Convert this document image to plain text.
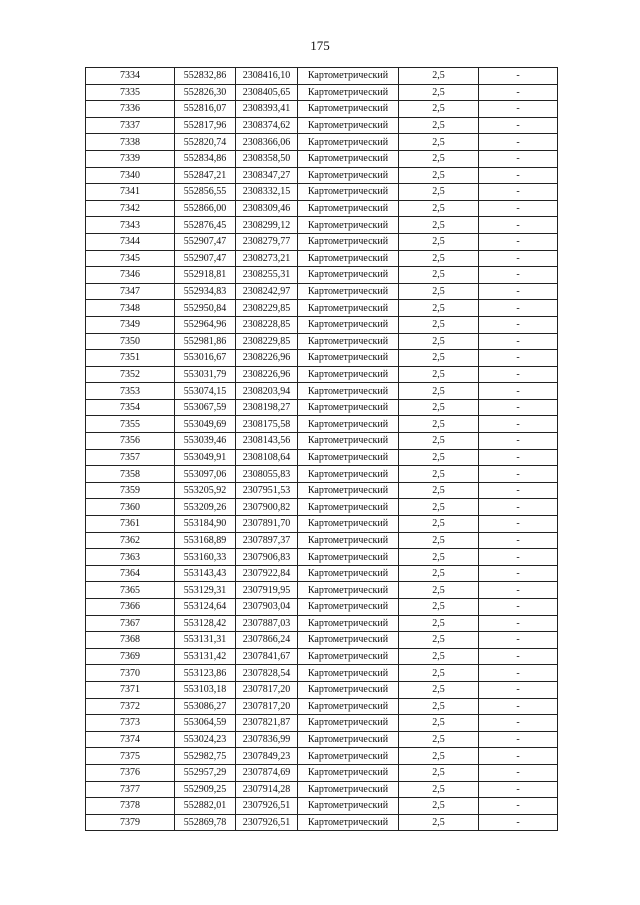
175
7334	552832,86	2308416,10	Картометрический	2,5	-
7335	552826,30	2308405,65	Картометрический	2,5	-
7336	552816,07	2308393,41	Картометрический	2,5	-
7337	552817,96	2308374,62	Картометрический	2,5	-
7338	552820,74	2308366,06	Картометрический	2,5	-
7339	552834,86	2308358,50	Картометрический	2,5	-
7340	552847,21	2308347,27	Картометрический	2,5	-
7341	552856,55	2308332,15	Картометрический	2,5	-
7342	552866,00	2308309,46	Картометрический	2,5	-
7343	552876,45	2308299,12	Картометрический	2,5	-
7344	552907,47	2308279,77	Картометрический	2,5	-
7345	552907,47	2308273,21	Картометрический	2,5	-
7346	552918,81	2308255,31	Картометрический	2,5	-
7347	552934,83	2308242,97	Картометрический	2,5	-
7348	552950,84	2308229,85	Картометрический	2,5	-
7349	552964,96	2308228,85	Картометрический	2,5	-
7350	552981,86	2308229,85	Картометрический	2,5	-
7351	553016,67	2308226,96	Картометрический	2,5	-
7352	553031,79	2308226,96	Картометрический	2,5	-
7353	553074,15	2308203,94	Картометрический	2,5	-
7354	553067,59	2308198,27	Картометрический	2,5	-
7355	553049,69	2308175,58	Картометрический	2,5	-
7356	553039,46	2308143,56	Картометрический	2,5	-
7357	553049,91	2308108,64	Картометрический	2,5	-
7358	553097,06	2308055,83	Картометрический	2,5	-
7359	553205,92	2307951,53	Картометрический	2,5	-
7360	553209,26	2307900,82	Картометрический	2,5	-
7361	553184,90	2307891,70	Картометрический	2,5	-
7362	553168,89	2307897,37	Картометрический	2,5	-
7363	553160,33	2307906,83	Картометрический	2,5	-
7364	553143,43	2307922,84	Картометрический	2,5	-
7365	553129,31	2307919,95	Картометрический	2,5	-
7366	553124,64	2307903,04	Картометрический	2,5	-
7367	553128,42	2307887,03	Картометрический	2,5	-
7368	553131,31	2307866,24	Картометрический	2,5	-
7369	553131,42	2307841,67	Картометрический	2,5	-
7370	553123,86	2307828,54	Картометрический	2,5	-
7371	553103,18	2307817,20	Картометрический	2,5	-
7372	553086,27	2307817,20	Картометрический	2,5	-
7373	553064,59	2307821,87	Картометрический	2,5	-
7374	553024,23	2307836,99	Картометрический	2,5	-
7375	552982,75	2307849,23	Картометрический	2,5	-
7376	552957,29	2307874,69	Картометрический	2,5	-
7377	552909,25	2307914,28	Картометрический	2,5	-
7378	552882,01	2307926,51	Картометрический	2,5	-
7379	552869,78	2307926,51	Картометрический	2,5	-
